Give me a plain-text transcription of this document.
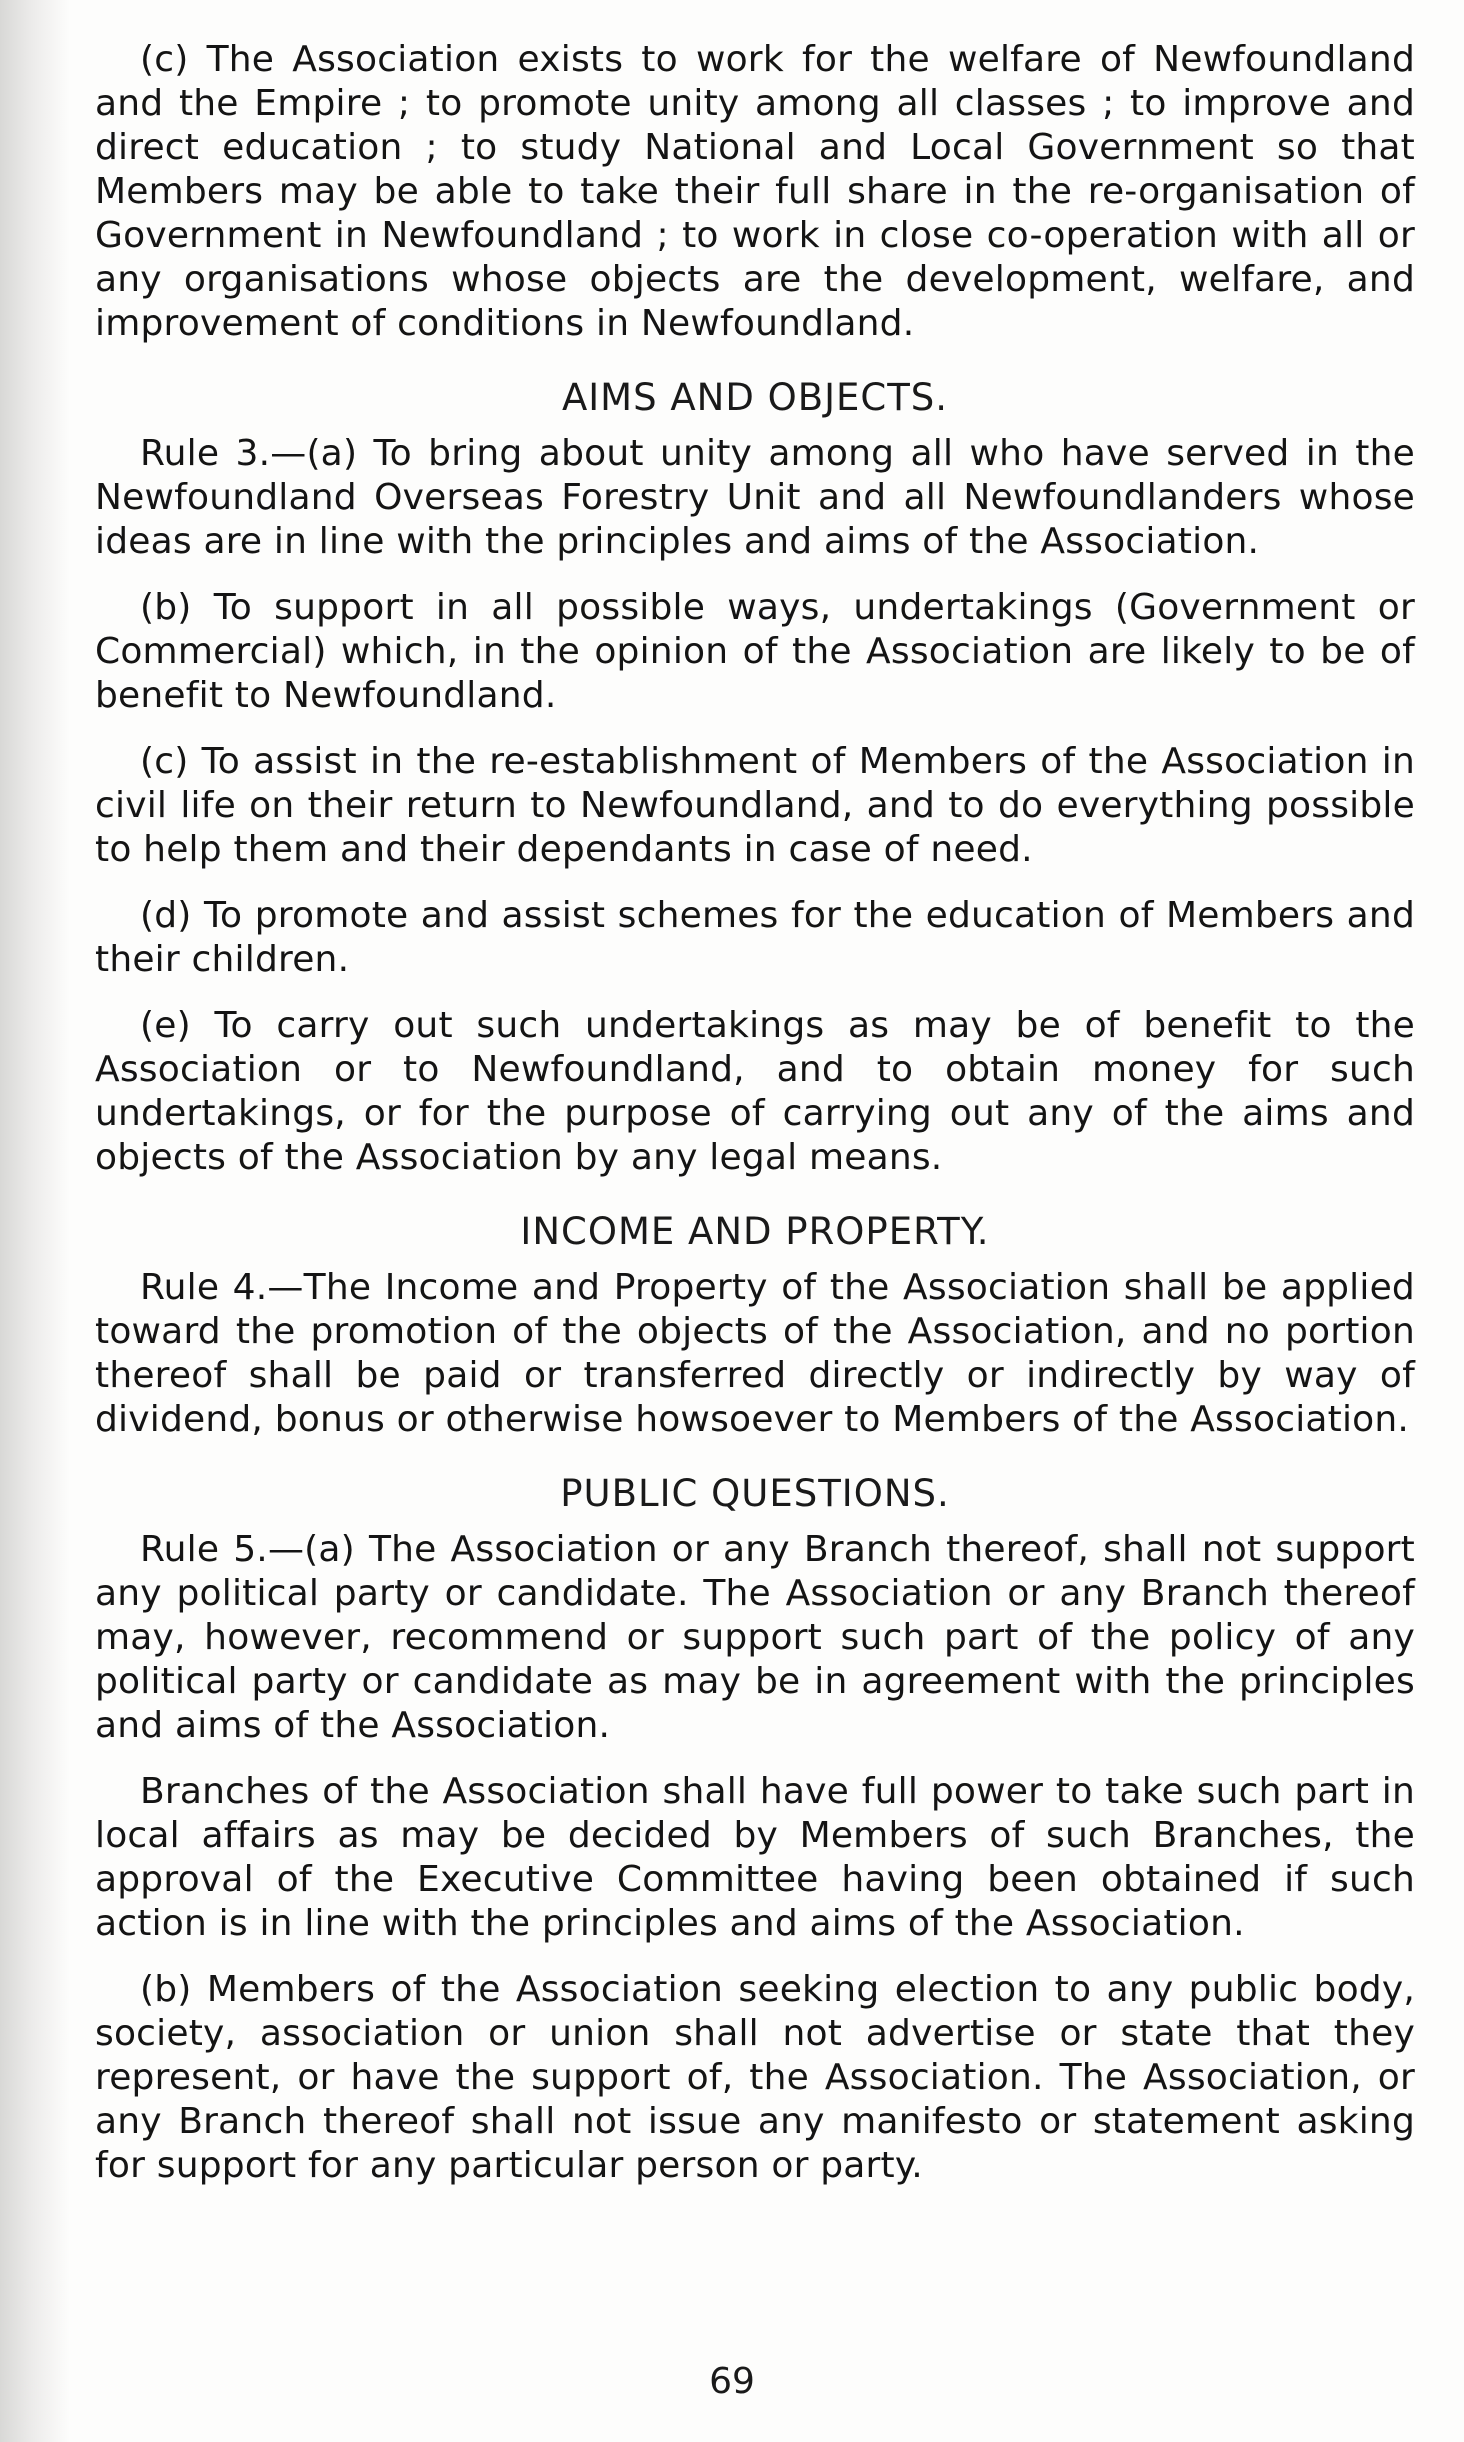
(c) The Association exists to work for the welfare of Newfoundland and the Empire ; to promote unity among all classes ; to improve and direct education ; to study National and Local Government so that Members may be able to take their full share in the re-organisation of Government in Newfoundland ; to work in close co-operation with all or any organisations whose objects are the development, welfare, and improvement of conditions in Newfoundland.

AIMS AND OBJECTS.

Rule 3.—(a) To bring about unity among all who have served in the Newfoundland Overseas Forestry Unit and all Newfoundlanders whose ideas are in line with the principles and aims of the Association.

(b) To support in all possible ways, undertakings (Government or Commercial) which, in the opinion of the Association are likely to be of benefit to Newfoundland.

(c) To assist in the re-establishment of Members of the Association in civil life on their return to Newfoundland, and to do everything possible to help them and their dependants in case of need.

(d) To promote and assist schemes for the education of Members and their children.

(e) To carry out such undertakings as may be of benefit to the Association or to Newfoundland, and to obtain money for such undertakings, or for the purpose of carrying out any of the aims and objects of the Association by any legal means.

INCOME AND PROPERTY.

Rule 4.—The Income and Property of the Association shall be applied toward the promotion of the objects of the Association, and no portion thereof shall be paid or transferred directly or indirectly by way of dividend, bonus or otherwise howsoever to Members of the Association.

PUBLIC QUESTIONS.

Rule 5.—(a) The Association or any Branch thereof, shall not support any political party or candidate. The Association or any Branch thereof may, however, recommend or support such part of the policy of any political party or candidate as may be in agreement with the principles and aims of the Association.

Branches of the Association shall have full power to take such part in local affairs as may be decided by Members of such Branches, the approval of the Executive Committee having been obtained if such action is in line with the principles and aims of the Association.

(b) Members of the Association seeking election to any public body, society, association or union shall not advertise or state that they represent, or have the support of, the Association. The Association, or any Branch thereof shall not issue any manifesto or statement asking for support for any particular person or party.

69
